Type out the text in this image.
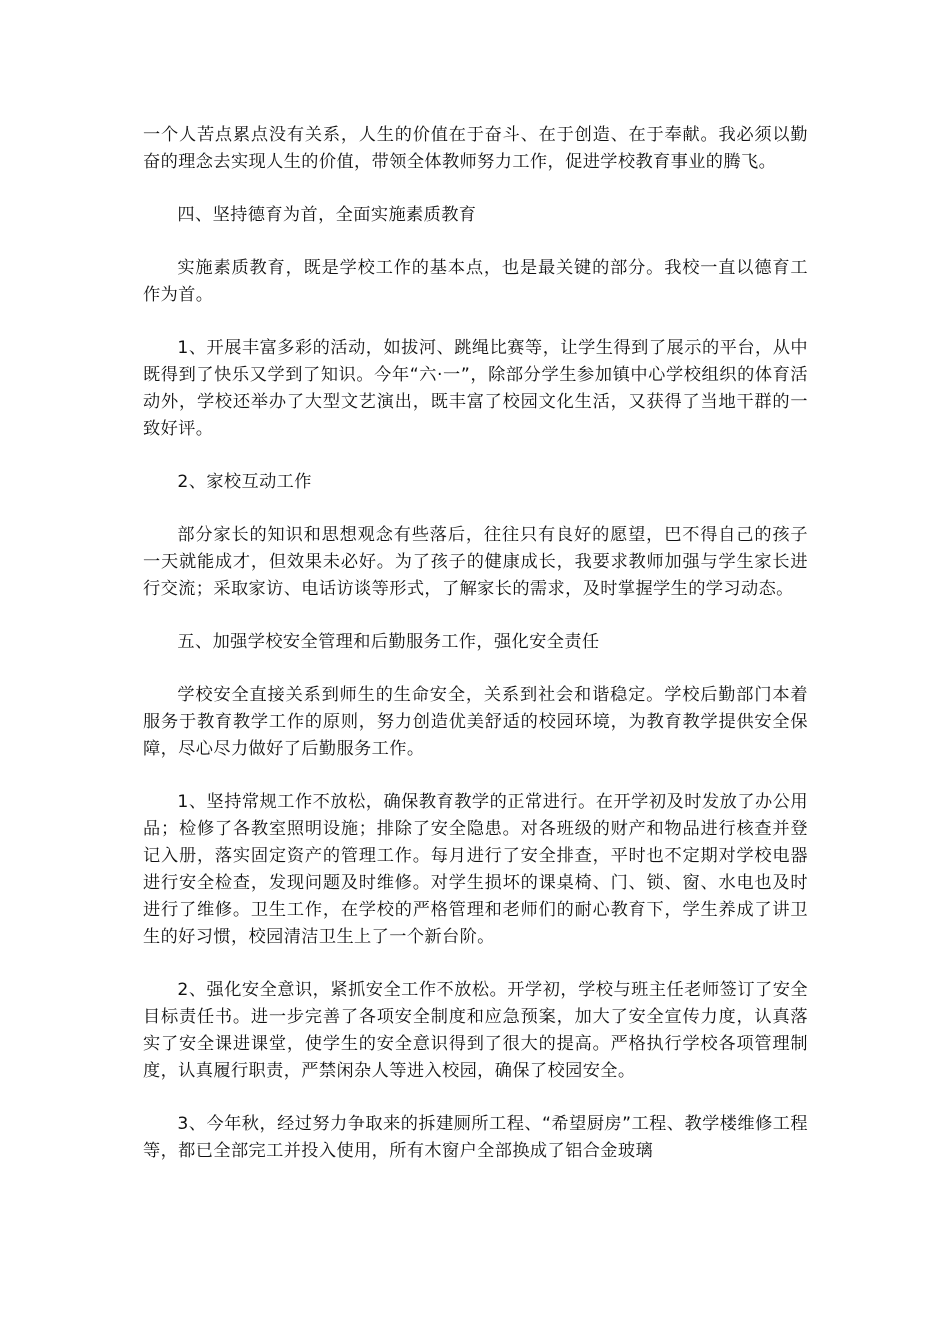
一个人苦点累点没有关系，人生的价值在于奋斗、在于创造、在于奉献。我必须以勤奋的理念去实现人生的价值，带领全体教师努力工作，促进学校教育事业的腾飞。

四、坚持德育为首，全面实施素质教育

实施素质教育，既是学校工作的基本点，也是最关键的部分。我校一直以德育工作为首。

1、开展丰富多彩的活动，如拔河、跳绳比赛等，让学生得到了展示的平台，从中既得到了快乐又学到了知识。今年“六·一”，除部分学生参加镇中心学校组织的体育活动外，学校还举办了大型文艺演出，既丰富了校园文化生活，又获得了当地干群的一致好评。

2、家校互动工作

部分家长的知识和思想观念有些落后，往往只有良好的愿望，巴不得自己的孩子一天就能成才，但效果未必好。为了孩子的健康成长，我要求教师加强与学生家长进行交流；采取家访、电话访谈等形式，了解家长的需求，及时掌握学生的学习动态。

五、加强学校安全管理和后勤服务工作，强化安全责任

学校安全直接关系到师生的生命安全，关系到社会和谐稳定。学校后勤部门本着服务于教育教学工作的原则，努力创造优美舒适的校园环境，为教育教学提供安全保障，尽心尽力做好了后勤服务工作。

1、坚持常规工作不放松，确保教育教学的正常进行。在开学初及时发放了办公用品；检修了各教室照明设施；排除了安全隐患。对各班级的财产和物品进行核查并登记入册，落实固定资产的管理工作。每月进行了安全排查，平时也不定期对学校电器进行安全检查，发现问题及时维修。对学生损坏的课桌椅、门、锁、窗、水电也及时进行了维修。卫生工作，在学校的严格管理和老师们的耐心教育下，学生养成了讲卫生的好习惯，校园清洁卫生上了一个新台阶。

2、强化安全意识，紧抓安全工作不放松。开学初，学校与班主任老师签订了安全目标责任书。进一步完善了各项安全制度和应急预案，加大了安全宣传力度，认真落实了安全课进课堂，使学生的安全意识得到了很大的提高。严格执行学校各项管理制度，认真履行职责，严禁闲杂人等进入校园，确保了校园安全。

3、今年秋，经过努力争取来的拆建厕所工程、“希望厨房”工程、教学楼维修工程等，都已全部完工并投入使用，所有木窗户全部换成了铝合金玻璃
